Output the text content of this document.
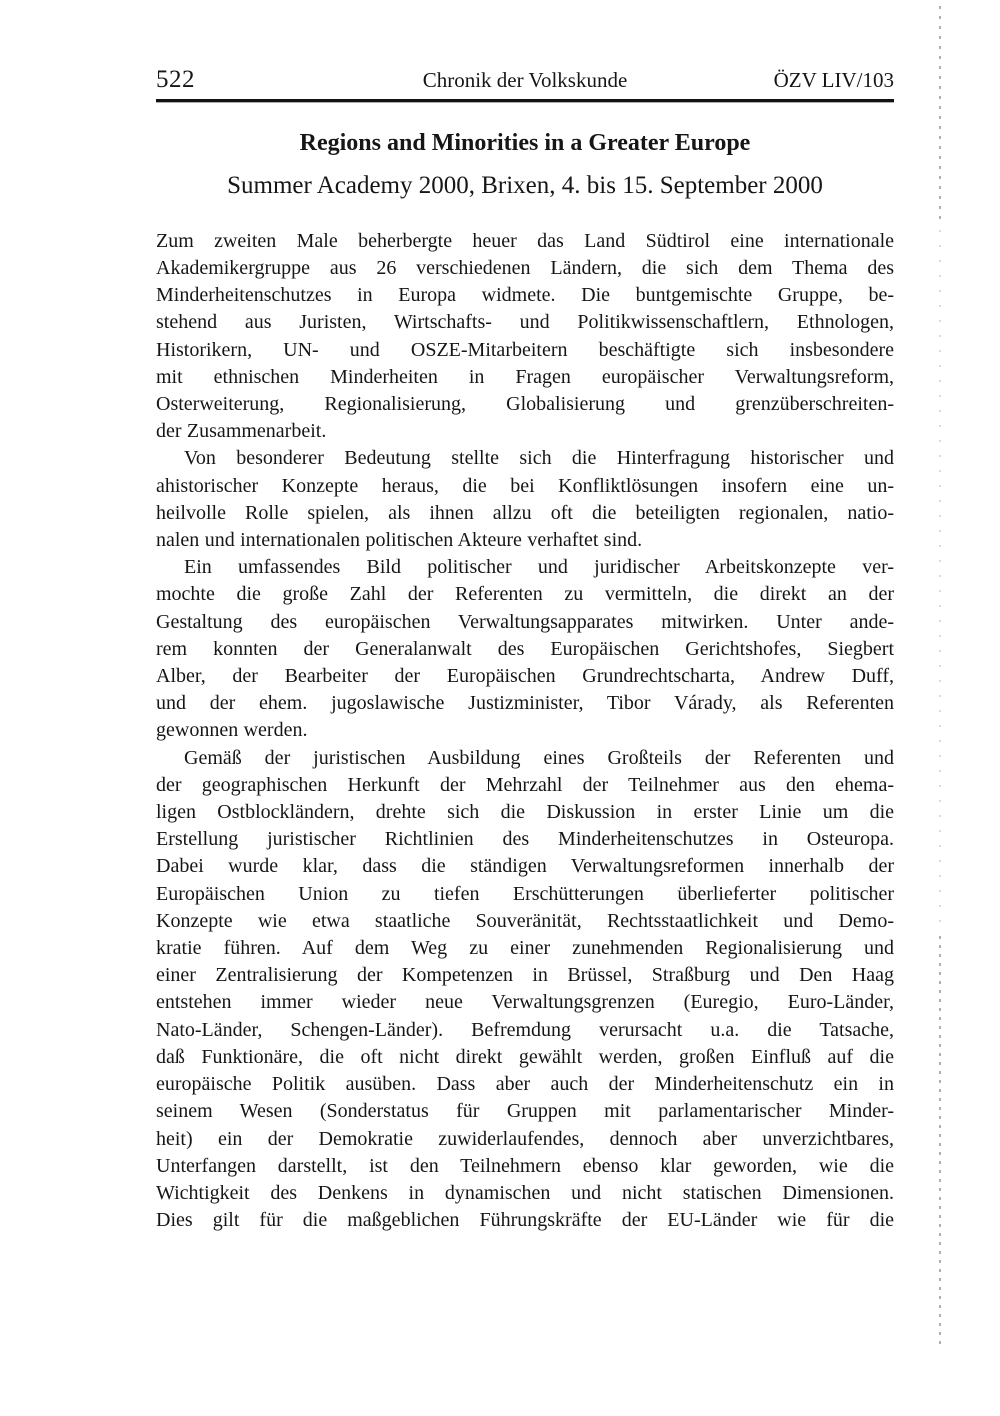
522	Chronik der Volkskunde	ÖZV LIV/103
Regions and Minorities in a Greater Europe
Summer Academy 2000, Brixen, 4. bis 15. September 2000
Zum zweiten Male beherbergte heuer das Land Südtirol eine internationale
Akademikergruppe aus 26 verschiedenen Ländern, die sich dem Thema des
Minderheitenschutzes in Europa widmete. Die buntgemischte Gruppe, be-
stehend aus Juristen, Wirtschafts- und Politikwissenschaftlern, Ethnologen,
Historikern, UN- und OSZE-Mitarbeitern beschäftigte sich insbesondere
mit ethnischen Minderheiten in Fragen europäischer Verwaltungsreform,
Osterweiterung, Regionalisierung, Globalisierung und grenzüberschreiten-
der Zusammenarbeit.
Von besonderer Bedeutung stellte sich die Hinterfragung historischer und
ahistorischer Konzepte heraus, die bei Konfliktlösungen insofern eine un-
heilvolle Rolle spielen, als ihnen allzu oft die beteiligten regionalen, natio-
nalen und internationalen politischen Akteure verhaftet sind.
Ein umfassendes Bild politischer und juridischer Arbeitskonzepte ver-
mochte die große Zahl der Referenten zu vermitteln, die direkt an der
Gestaltung des europäischen Verwaltungsapparates mitwirken. Unter ande-
rem konnten der Generalanwalt des Europäischen Gerichtshofes, Siegbert
Alber, der Bearbeiter der Europäischen Grundrechtscharta, Andrew Duff,
und der ehem. jugoslawische Justizminister, Tibor Várady, als Referenten
gewonnen werden.
Gemäß der juristischen Ausbildung eines Großteils der Referenten und
der geographischen Herkunft der Mehrzahl der Teilnehmer aus den ehema-
ligen Ostblockländern, drehte sich die Diskussion in erster Linie um die
Erstellung juristischer Richtlinien des Minderheitenschutzes in Osteuropa.
Dabei wurde klar, dass die ständigen Verwaltungsreformen innerhalb der
Europäischen Union zu tiefen Erschütterungen überlieferter politischer
Konzepte wie etwa staatliche Souveränität, Rechtsstaatlichkeit und Demo-
kratie führen. Auf dem Weg zu einer zunehmenden Regionalisierung und
einer Zentralisierung der Kompetenzen in Brüssel, Straßburg und Den Haag
entstehen immer wieder neue Verwaltungsgrenzen (Euregio, Euro-Länder,
Nato-Länder, Schengen-Länder). Befremdung verursacht u.a. die Tatsache,
daß Funktionäre, die oft nicht direkt gewählt werden, großen Einfluß auf die
europäische Politik ausüben. Dass aber auch der Minderheitenschutz ein in
seinem Wesen (Sonderstatus für Gruppen mit parlamentarischer Minder-
heit) ein der Demokratie zuwiderlaufendes, dennoch aber unverzichtbares,
Unterfangen darstellt, ist den Teilnehmern ebenso klar geworden, wie die
Wichtigkeit des Denkens in dynamischen und nicht statischen Dimensionen.
Dies gilt für die maßgeblichen Führungskräfte der EU-Länder wie für die
